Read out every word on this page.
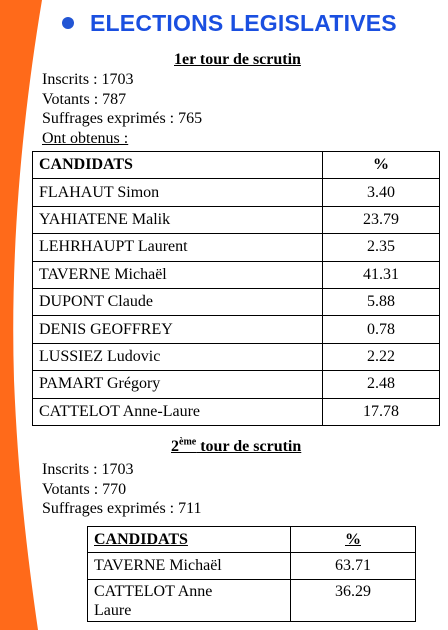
ELECTIONS LEGISLATIVES
1er tour de scrutin
Inscrits : 1703
Votants : 787
Suffrages exprimés : 765
Ont obtenus :
CANDIDATS	%
FLAHAUT Simon	3.40
YAHIATENE Malik	23.79
LEHRHAUPT Laurent	2.35
TAVERNE Michaël	41.31
DUPONT Claude	5.88
DENIS GEOFFREY	0.78
LUSSIEZ Ludovic	2.22
PAMART Grégory	2.48
CATTELOT Anne-Laure	17.78
2ème tour de scrutin
Inscrits : 1703
Votants : 770
Suffrages exprimés : 711
CANDIDATS	%
TAVERNE Michaël	63.71
CATTELOT Anne
Laure	36.29
